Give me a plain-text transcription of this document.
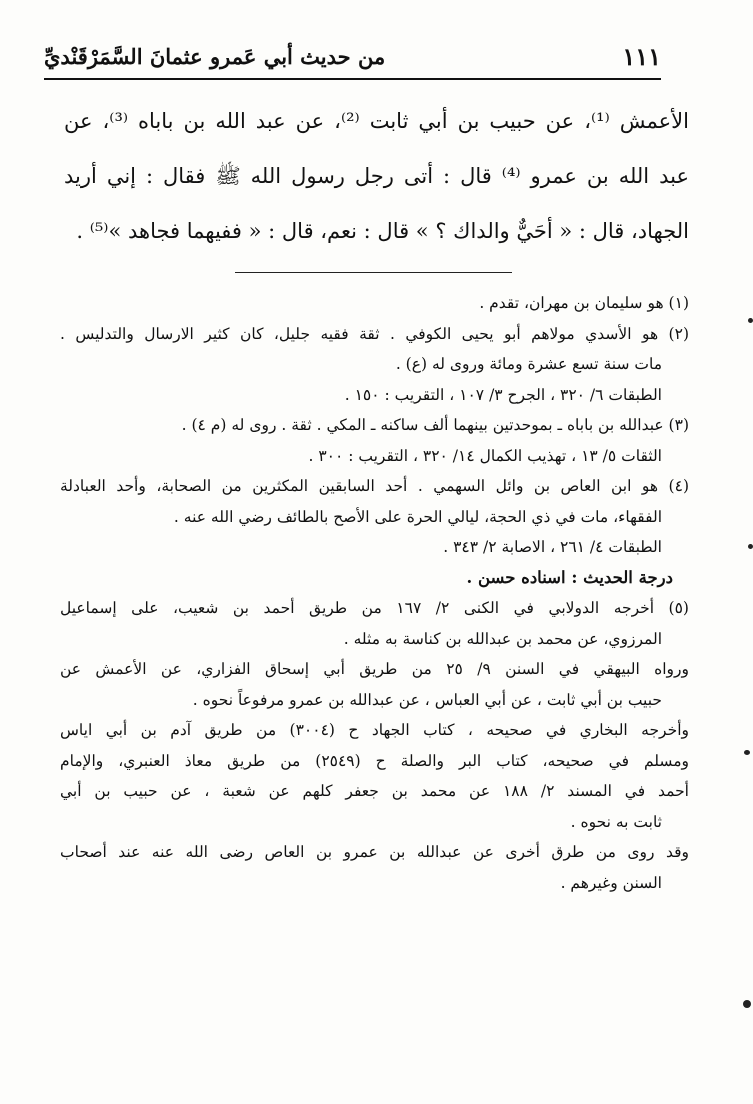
١١١
من حديث أبي عَمرو عثمانَ السَّمَرْقَنْديِّ
الأعمش ⁽¹⁾، عن حبيب بن أبي ثابت ⁽²⁾، عن عبد الله بن باباه ⁽³⁾، عن
عبد الله بن عمرو ⁽⁴⁾ قال : أتى رجل رسول الله ﷺ فقال : إني أريد
الجهاد، قال : « أحَيٌّ والداك ؟ » قال : نعم، قال : « ففيهما فجاهد »⁽⁵⁾ .
(١) هو سليمان بن مهران، تقدم .
(٢) هو الأسدي مولاهم أبو يحيى الكوفي . ثقة فقيه جليل، كان كثير الارسال والتدليس .
مات سنة تسع عشرة ومائة وروى له (ع) .
الطبقات ٦/ ٣٢٠ ، الجرح ٣/ ١٠٧ ، التقريب : ١٥٠ .
(٣) عبدالله بن باباه ـ بموحدتين بينهما ألف ساكنه ـ المكي . ثقة . روى له (م ٤) .
الثقات ٥/ ١٣ ، تهذيب الكمال ١٤/ ٣٢٠ ، التقريب : ٣٠٠ .
(٤) هو ابن العاص بن وائل السهمي . أحد السابقين المكثرين من الصحابة، وأحد العبادلة
الفقهاء، مات في ذي الحجة، ليالي الحرة على الأصح بالطائف رضي الله عنه .
الطبقات ٤/ ٢٦١ ، الاصابة ٢/ ٣٤٣ .
درجة الحديث : اسناده حسن .
(٥) أخرجه الدولابي في الكنى ٢/ ١٦٧ من طريق أحمد بن شعيب، على إسماعيل
المرزوي، عن محمد بن عبدالله بن كناسة به مثله .
ورواه البيهقي في السنن ٩/ ٢٥ من طريق أبي إسحاق الفزاري، عن الأعمش عن
حبيب بن أبي ثابت ، عن أبي العباس ، عن عبدالله بن عمرو مرفوعاً نحوه .
وأخرجه البخاري في صحيحه ، كتاب الجهاد ح (٣٠٠٤) من طريق آدم بن أبي اياس
ومسلم في صحيحه، كتاب البر والصلة ح (٢٥٤٩) من طريق معاذ العنبري، والإمام
أحمد في المسند ٢/ ١٨٨ عن محمد بن جعفر كلهم عن شعبة ، عن حبيب بن أبي
ثابت به نحوه .
وقد روى من طرق أخرى عن عبدالله بن عمرو بن العاص رضى الله عنه عند أصحاب
السنن وغيرهم .
